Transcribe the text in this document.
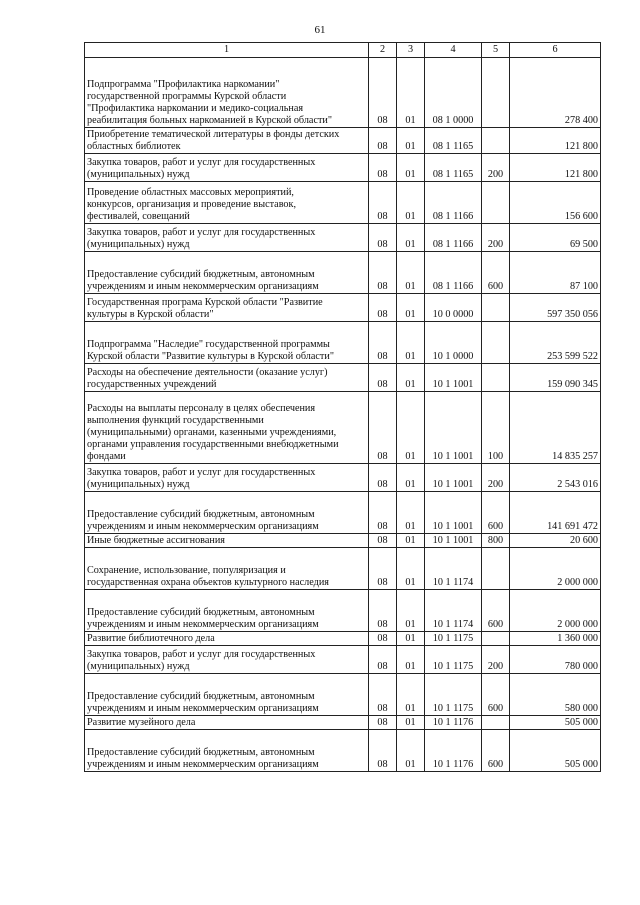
61
1	2	3	4	5	6
Подпрограмма "Профилактика наркомании"
государственной программы Курской области
"Профилактика наркомании и медико-социальная
реабилитация больных наркоманией в Курской области"	08	01	08 1 0000		278 400
Приобретение тематической литературы в фонды детских
областных библиотек	08	01	08 1 1165		121 800
Закупка товаров, работ и услуг для государственных
(муниципальных) нужд	08	01	08 1 1165	200	121 800
Проведение областных массовых мероприятий,
конкурсов, организация и проведение выставок,
фестивалей, совещаний	08	01	08 1 1166		156 600
Закупка товаров, работ и услуг для государственных
(муниципальных) нужд	08	01	08 1 1166	200	69 500
Предоставление субсидий бюджетным, автономным
учреждениям и иным некоммерческим организациям	08	01	08 1 1166	600	87 100
Государственная програма Курской области "Развитие
культуры в Курской области"	08	01	10 0 0000		597 350 056
Подпрограмма "Наследие" государственной программы
Курской области "Развитие культуры в Курской области"	08	01	10 1 0000		253 599 522
Расходы на обеспечение деятельности (оказание услуг)
государственных учреждений	08	01	10 1 1001		159 090 345
Расходы на выплаты персоналу в целях обеспечения
выполнения функций государственными
(муниципальными) органами, казенными учреждениями,
органами управления государственными внебюджетными
фондами	08	01	10 1 1001	100	14 835 257
Закупка товаров, работ и услуг для государственных
(муниципальных) нужд	08	01	10 1 1001	200	2 543 016
Предоставление субсидий бюджетным, автономным
учреждениям и иным некоммерческим организациям	08	01	10 1 1001	600	141 691 472
Иные бюджетные ассигнования	08	01	10 1 1001	800	20 600
Сохранение, использование, популяризация и
государственная охрана объектов культурного наследия	08	01	10 1 1174		2 000 000
Предоставление субсидий бюджетным, автономным
учреждениям и иным некоммерческим организациям	08	01	10 1 1174	600	2 000 000
Развитие библиотечного дела	08	01	10 1 1175		1 360 000
Закупка товаров, работ и услуг для государственных
(муниципальных) нужд	08	01	10 1 1175	200	780 000
Предоставление субсидий бюджетным, автономным
учреждениям и иным некоммерческим организациям	08	01	10 1 1175	600	580 000
Развитие музейного дела	08	01	10 1 1176		505 000
Предоставление субсидий бюджетным, автономным
учреждениям и иным некоммерческим организациям	08	01	10 1 1176	600	505 000
